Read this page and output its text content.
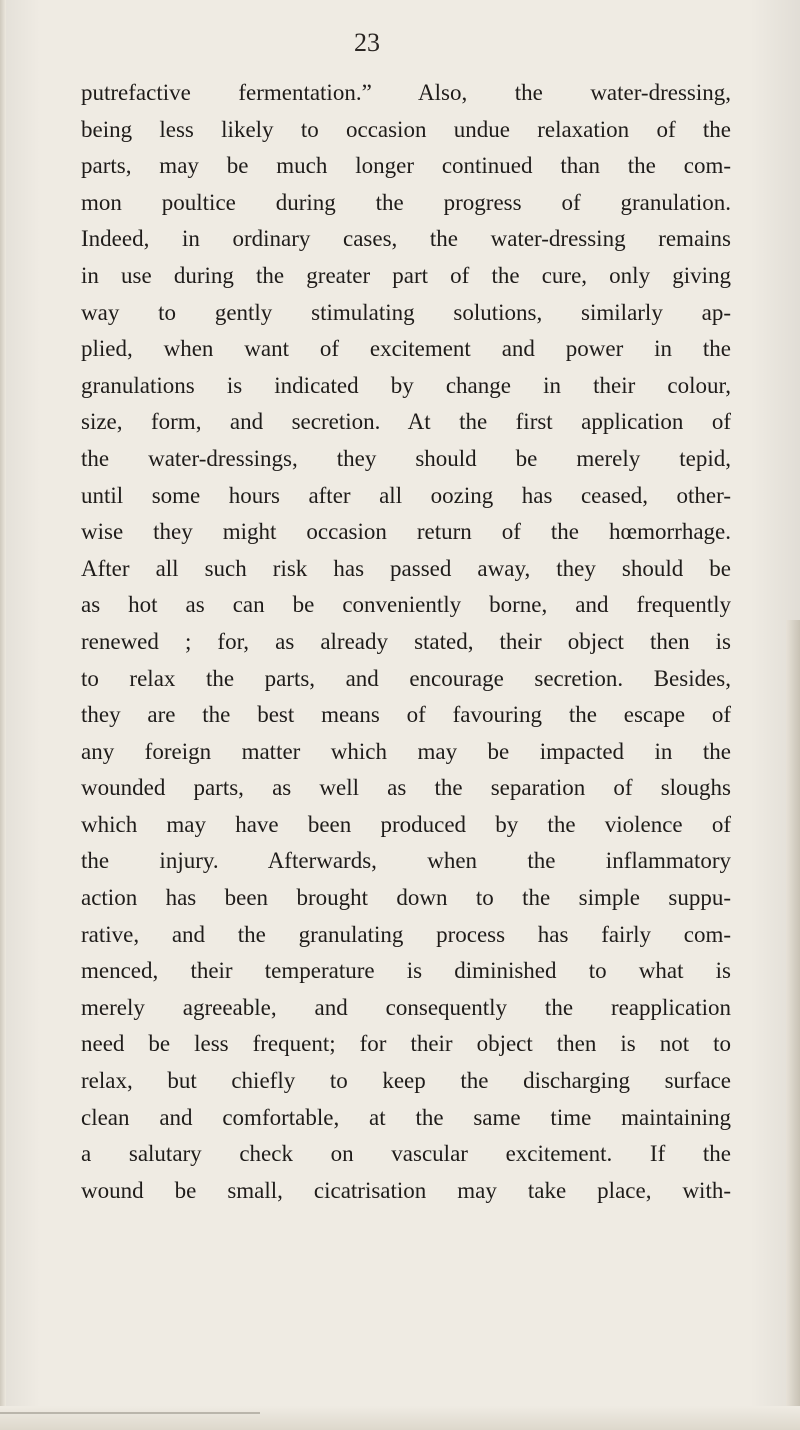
23
putrefactive fermentation.” Also, the water-dressing,
being less likely to occasion undue relaxation of the
parts, may be much longer continued than the com-
mon poultice during the progress of granulation.
Indeed, in ordinary cases, the water-dressing remains
in use during the greater part of the cure, only giving
way to gently stimulating solutions, similarly ap-
plied, when want of excitement and power in the
granulations is indicated by change in their colour,
size, form, and secretion. At the first application of
the water-dressings, they should be merely tepid,
until some hours after all oozing has ceased, other-
wise they might occasion return of the hœmorrhage.
After all such risk has passed away, they should be
as hot as can be conveniently borne, and frequently
renewed ; for, as already stated, their object then is
to relax the parts, and encourage secretion. Besides,
they are the best means of favouring the escape of
any foreign matter which may be impacted in the
wounded parts, as well as the separation of sloughs
which may have been produced by the violence of
the injury. Afterwards, when the inflammatory
action has been brought down to the simple suppu-
rative, and the granulating process has fairly com-
menced, their temperature is diminished to what is
merely agreeable, and consequently the reapplication
need be less frequent; for their object then is not to
relax, but chiefly to keep the discharging surface
clean and comfortable, at the same time maintaining
a salutary check on vascular excitement. If the
wound be small, cicatrisation may take place, with-
